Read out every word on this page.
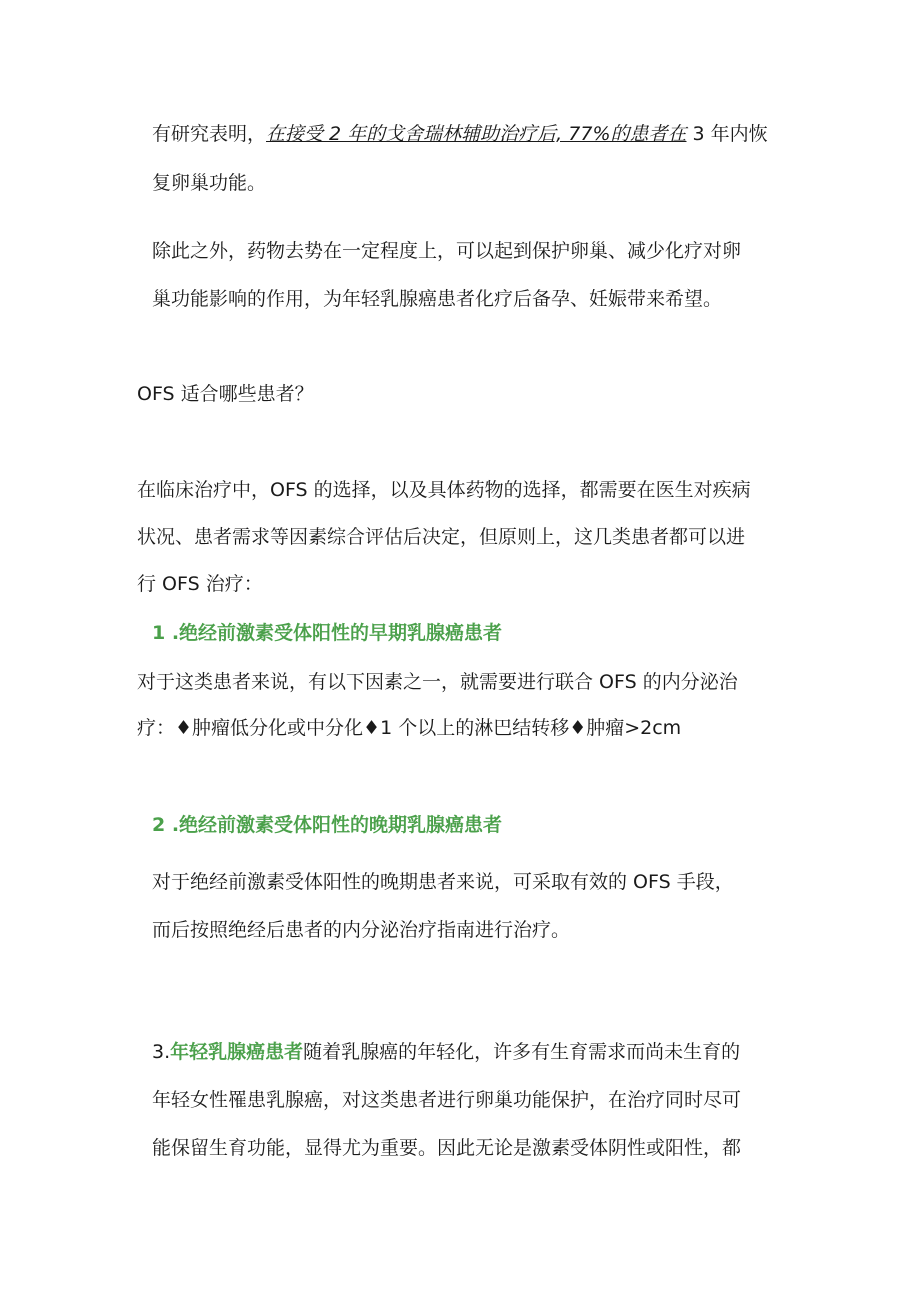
有研究表明，在接受 2 年的戈舍瑞林辅助治疗后, 77%的患者在 3 年内恢
复卵巢功能。
除此之外，药物去势在一定程度上，可以起到保护卵巢、减少化疗对卵
巢功能影响的作用，为年轻乳腺癌患者化疗后备孕、妊娠带来希望。
OFS 适合哪些患者？
在临床治疗中，OFS 的选择，以及具体药物的选择，都需要在医生对疾病
状况、患者需求等因素综合评估后决定，但原则上，这几类患者都可以进
行 OFS 治疗：
1 .绝经前激素受体阳性的早期乳腺癌患者
对于这类患者来说，有以下因素之一，就需要进行联合 OFS 的内分泌治
疗：♦肿瘤低分化或中分化♦1 个以上的淋巴结转移♦肿瘤>2cm
2 .绝经前激素受体阳性的晚期乳腺癌患者
对于绝经前激素受体阳性的晚期患者来说，可采取有效的 OFS 手段，
而后按照绝经后患者的内分泌治疗指南进行治疗。
3.年轻乳腺癌患者随着乳腺癌的年轻化，许多有生育需求而尚未生育的
年轻女性罹患乳腺癌，对这类患者进行卵巢功能保护，在治疗同时尽可
能保留生育功能，显得尤为重要。因此无论是激素受体阴性或阳性，都
